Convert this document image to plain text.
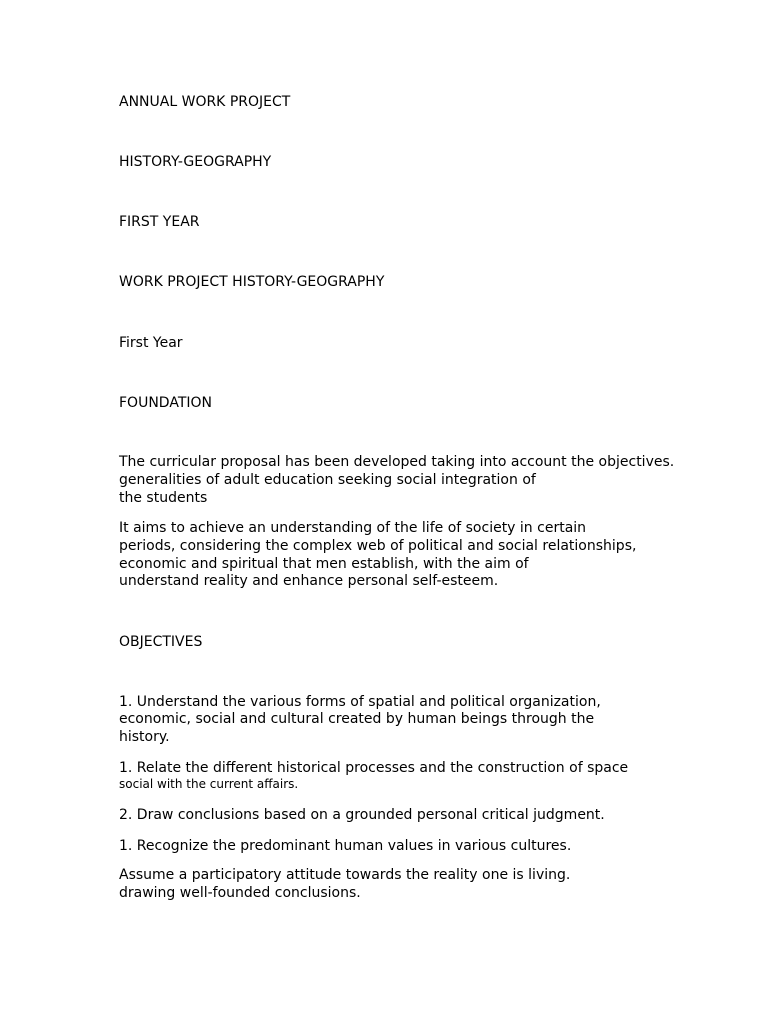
ANNUAL WORK PROJECT

HISTORY-GEOGRAPHY

FIRST YEAR

WORK PROJECT HISTORY-GEOGRAPHY

First Year

FOUNDATION

The curricular proposal has been developed taking into account the objectives.

generalities of adult education seeking social integration of

the students

It aims to achieve an understanding of the life of society in certain

periods, considering the complex web of political and social relationships,

economic and spiritual that men establish, with the aim of

understand reality and enhance personal self-esteem.

OBJECTIVES

1. Understand the various forms of spatial and political organization,

economic, social and cultural created by human beings through the

history.

1. Relate the different historical processes and the construction of space

social with the current affairs.

2. Draw conclusions based on a grounded personal critical judgment.

1. Recognize the predominant human values in various cultures.

Assume a participatory attitude towards the reality one is living.

drawing well-founded conclusions.
